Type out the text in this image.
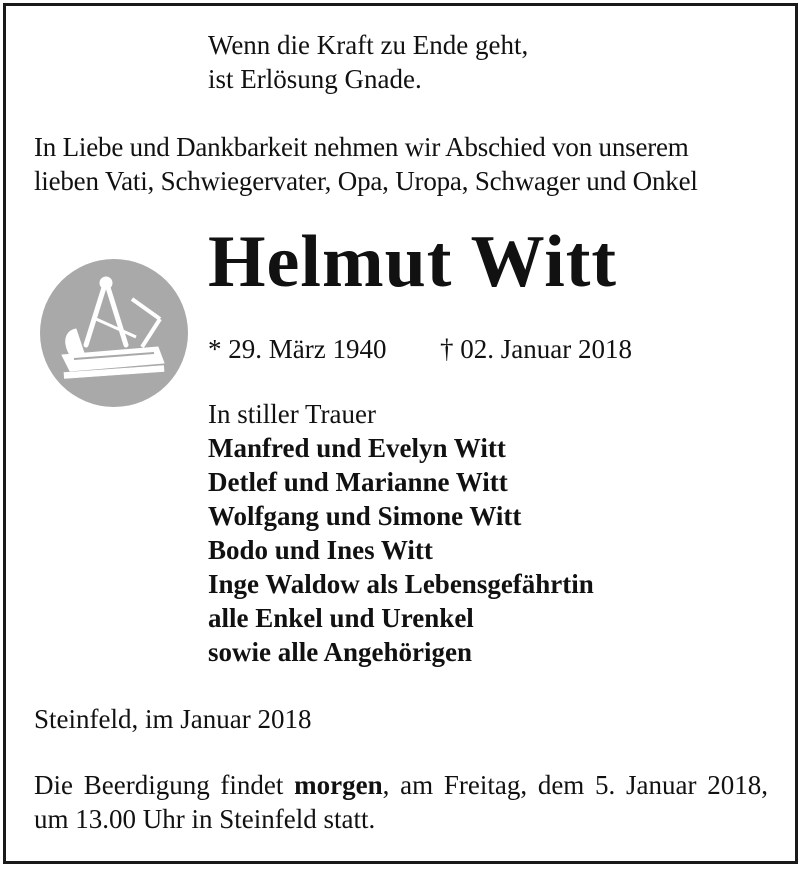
Wenn die Kraft zu Ende geht,
ist Erlösung Gnade.
In Liebe und Dankbarkeit nehmen wir Abschied von unserem
lieben Vati, Schwiegervater, Opa, Uropa, Schwager und Onkel
Helmut Witt
* 29. März 1940 † 02. Januar 2018
In stiller Trauer
Manfred und Evelyn Witt
Detlef und Marianne Witt
Wolfgang und Simone Witt
Bodo und Ines Witt
Inge Waldow als Lebensgefährtin
alle Enkel und Urenkel
sowie alle Angehörigen
Steinfeld, im Januar 2018
Die Beerdigung findet morgen, am Freitag, dem 5. Januar 2018, um 13.00 Uhr in Steinfeld statt.
